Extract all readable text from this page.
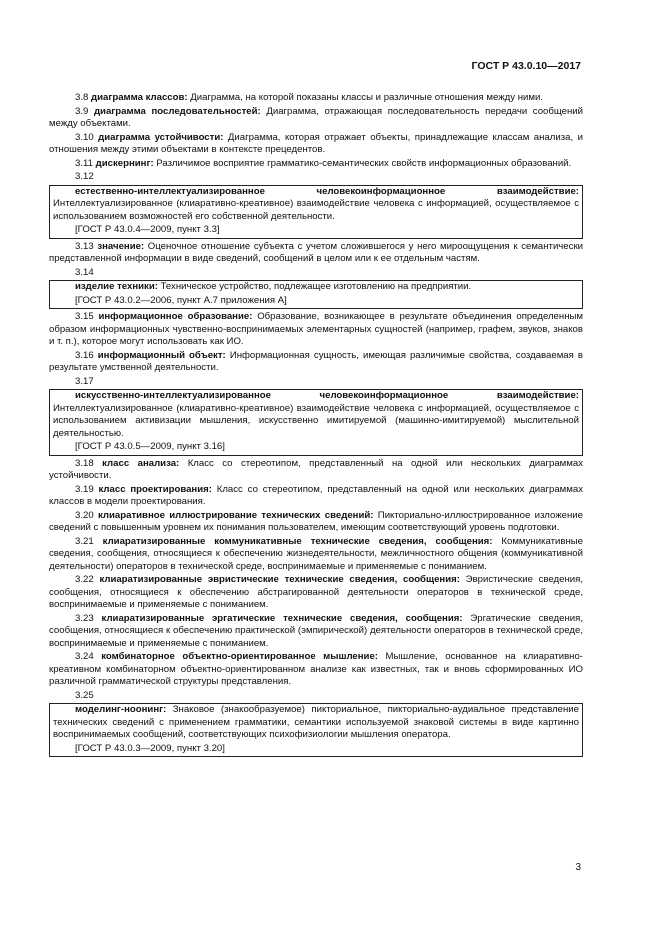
ГОСТ Р 43.0.10—2017
3.8 диаграмма классов: Диаграмма, на которой показаны классы и различные отношения между ними.
3.9 диаграмма последовательностей: Диаграмма, отражающая последовательность передачи сообщений между объектами.
3.10 диаграмма устойчивости: Диаграмма, которая отражает объекты, принадлежащие классам анализа, и отношения между этими объектами в контексте прецедентов.
3.11 дискернинг: Различимое восприятие грамматико-семантических свойств информационных образований.
3.12
естественно-интеллектуализированное человекоинформационное взаимодействие: Интеллектуализированное (клиаративно-креативное) взаимодействие человека с информацией, осуществляемое с использованием возможностей его собственной деятельности.
[ГОСТ Р 43.0.4—2009, пункт 3.3]
3.13 значение: Оценочное отношение субъекта с учетом сложившегося у него мироощущения к семантически представленной информации в виде сведений, сообщений в целом или к ее отдельным частям.
3.14
изделие техники: Техническое устройство, подлежащее изготовлению на предприятии.
[ГОСТ Р 43.0.2—2006, пункт А.7 приложения А]
3.15 информационное образование: Образование, возникающее в результате объединения определенным образом информационных чувственно-воспринимаемых элементарных сущностей (например, графем, звуков, знаков и т. п.), которое могут использовать как ИО.
3.16 информационный объект: Информационная сущность, имеющая различимые свойства, создаваемая в результате умственной деятельности.
3.17
искусственно-интеллектуализированное человекоинформационное взаимодействие: Интеллектуализированное (клиаративно-креативное) взаимодействие человека с информацией, осуществляемое с использованием активизации мышления, искусственно имитируемой (машинно-имитируемой) мыслительной деятельностью.
[ГОСТ Р 43.0.5—2009, пункт 3.16]
3.18 класс анализа: Класс со стереотипом, представленный на одной или нескольких диаграммах устойчивости.
3.19 класс проектирования: Класс со стереотипом, представленный на одной или нескольких диаграммах классов в модели проектирования.
3.20 клиаративное иллюстрирование технических сведений: Пикториально-иллюстрированное изложение сведений с повышенным уровнем их понимания пользователем, имеющим соответствующий уровень подготовки.
3.21 клиаратизированные коммуникативные технические сведения, сообщения: Коммуникативные сведения, сообщения, относящиеся к обеспечению жизнедеятельности, межличностного общения (коммуникативной деятельности) операторов в технической среде, воспринимаемые и применяемые с пониманием.
3.22 клиаратизированные эвристические технические сведения, сообщения: Эвристические сведения, сообщения, относящиеся к обеспечению абстрагированной деятельности операторов в технической среде, воспринимаемые и применяемые с пониманием.
3.23 клиаратизированные эргатические технические сведения, сообщения: Эргатические сведения, сообщения, относящиеся к обеспечению практической (эмпирической) деятельности операторов в технической среде, воспринимаемые и применяемые с пониманием.
3.24 комбинаторное объектно-ориентированное мышление: Мышление, основанное на клиаративно-креативном комбинаторном объектно-ориентированном анализе как известных, так и вновь сформированных ИО различной грамматической структуры представления.
3.25
моделинг-ноонинг: Знаковое (знакообразуемое) пикториальное, пикториально-аудиальное представление технических сведений с применением грамматики, семантики используемой знаковой системы в виде картинно воспринимаемых сообщений, соответствующих психофизиологии мышления оператора.
[ГОСТ Р 43.0.3—2009, пункт 3.20]
3
